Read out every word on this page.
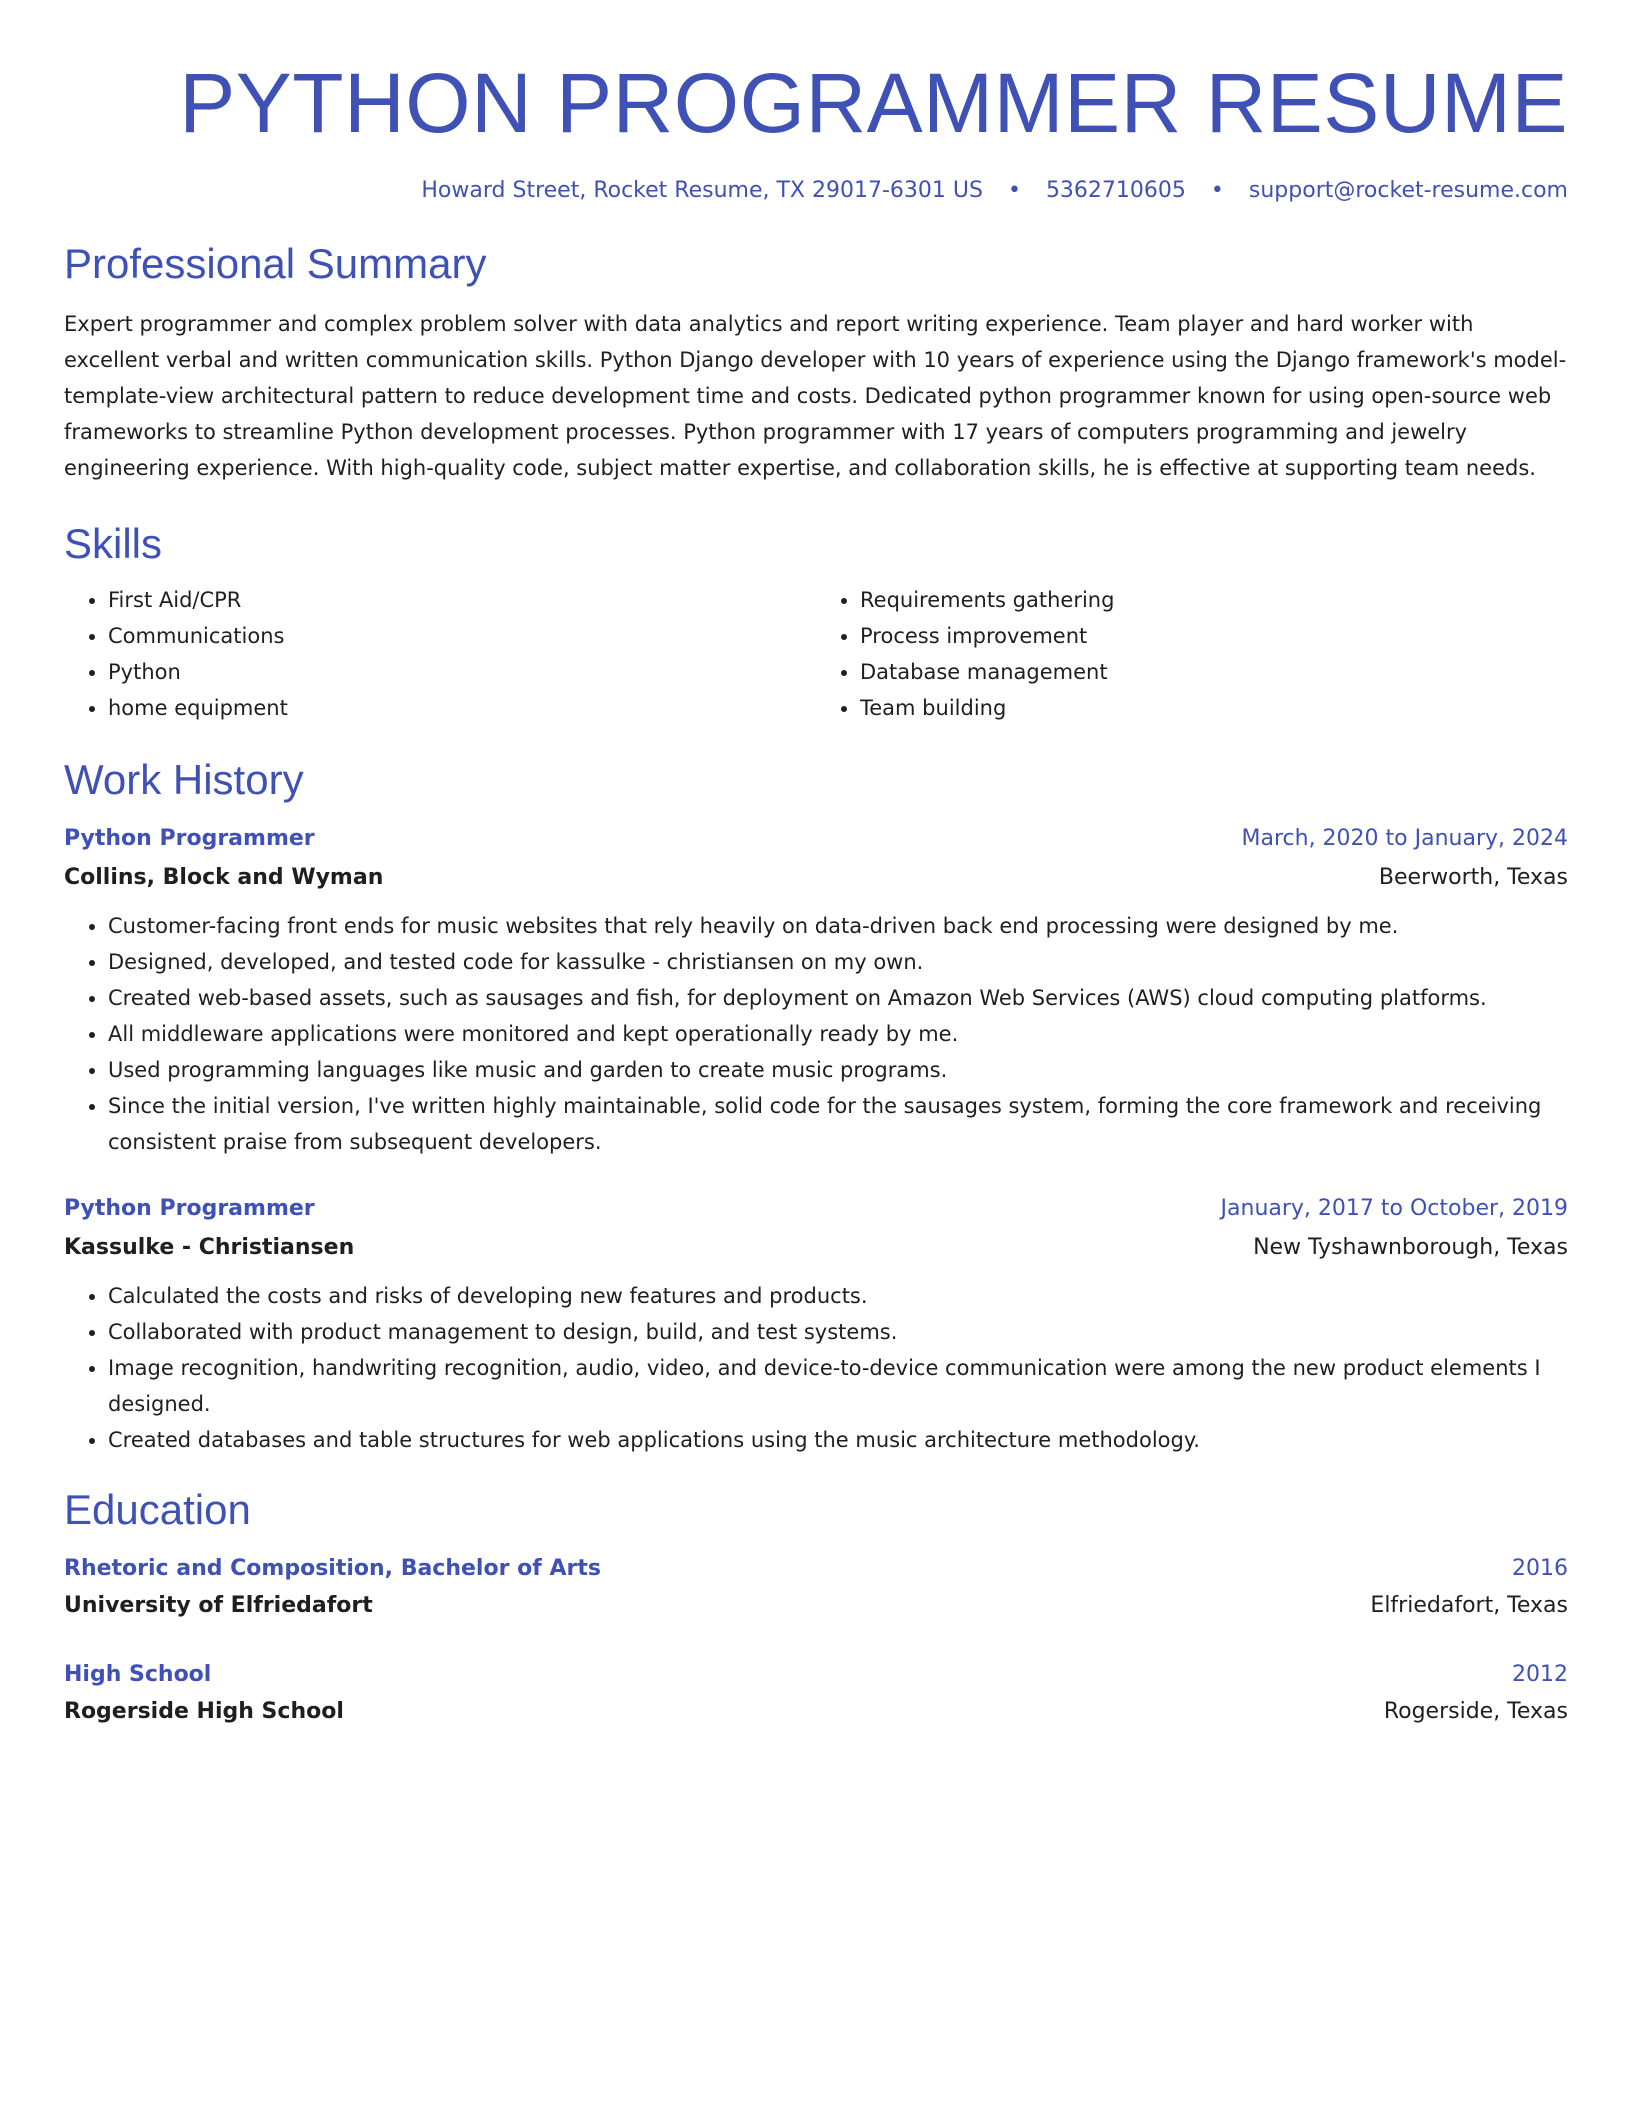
PYTHON PROGRAMMER RESUME
Howard Street, Rocket Resume, TX 29017-6301 US • 5362710605 • support@rocket-resume.com
Professional Summary
Expert programmer and complex problem solver with data analytics and report writing experience. Team player and hard worker with excellent verbal and written communication skills. Python Django developer with 10 years of experience using the Django framework's model-template-view architectural pattern to reduce development time and costs. Dedicated python programmer known for using open-source web frameworks to streamline Python development processes. Python programmer with 17 years of computers programming and jewelry engineering experience. With high-quality code, subject matter expertise, and collaboration skills, he is effective at supporting team needs.
Skills
• First Aid/CPR
• Communications
• Python
• home equipment
• Requirements gathering
• Process improvement
• Database management
• Team building
Work History
Python Programmer	March, 2020 to January, 2024
Collins, Block and Wyman	Beerworth, Texas
• Customer-facing front ends for music websites that rely heavily on data-driven back end processing were designed by me.
• Designed, developed, and tested code for kassulke - christiansen on my own.
• Created web-based assets, such as sausages and fish, for deployment on Amazon Web Services (AWS) cloud computing platforms.
• All middleware applications were monitored and kept operationally ready by me.
• Used programming languages like music and garden to create music programs.
• Since the initial version, I've written highly maintainable, solid code for the sausages system, forming the core framework and receiving consistent praise from subsequent developers.
Python Programmer	January, 2017 to October, 2019
Kassulke - Christiansen	New Tyshawnborough, Texas
• Calculated the costs and risks of developing new features and products.
• Collaborated with product management to design, build, and test systems.
• Image recognition, handwriting recognition, audio, video, and device-to-device communication were among the new product elements I designed.
• Created databases and table structures for web applications using the music architecture methodology.
Education
Rhetoric and Composition, Bachelor of Arts	2016
University of Elfriedafort	Elfriedafort, Texas
High School	2012
Rogerside High School	Rogerside, Texas
